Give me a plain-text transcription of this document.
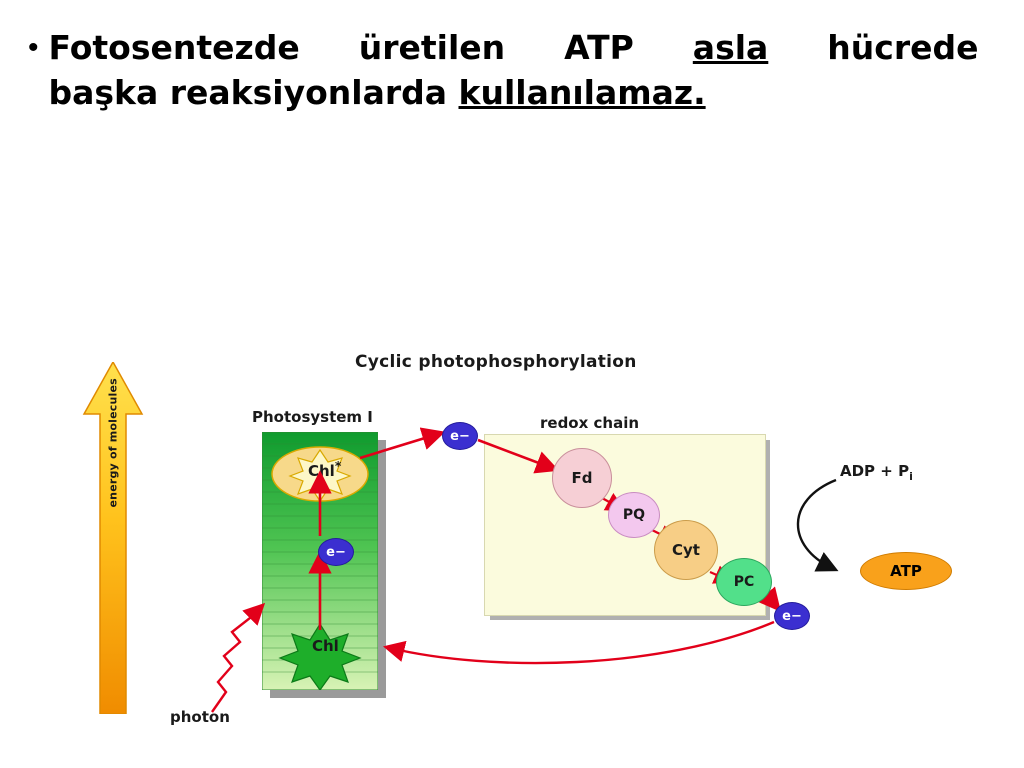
• Fotosentezde üretilen ATP asla hücrede
başka reaksiyonlarda kullanılamaz.
Cyclic photophosphorylation
Photosystem I	redox chain
photon
ADP + $P_i$
Chl*
Chl
Fd
PQ
Cyt
PC
ATP
e−
e−
e−
